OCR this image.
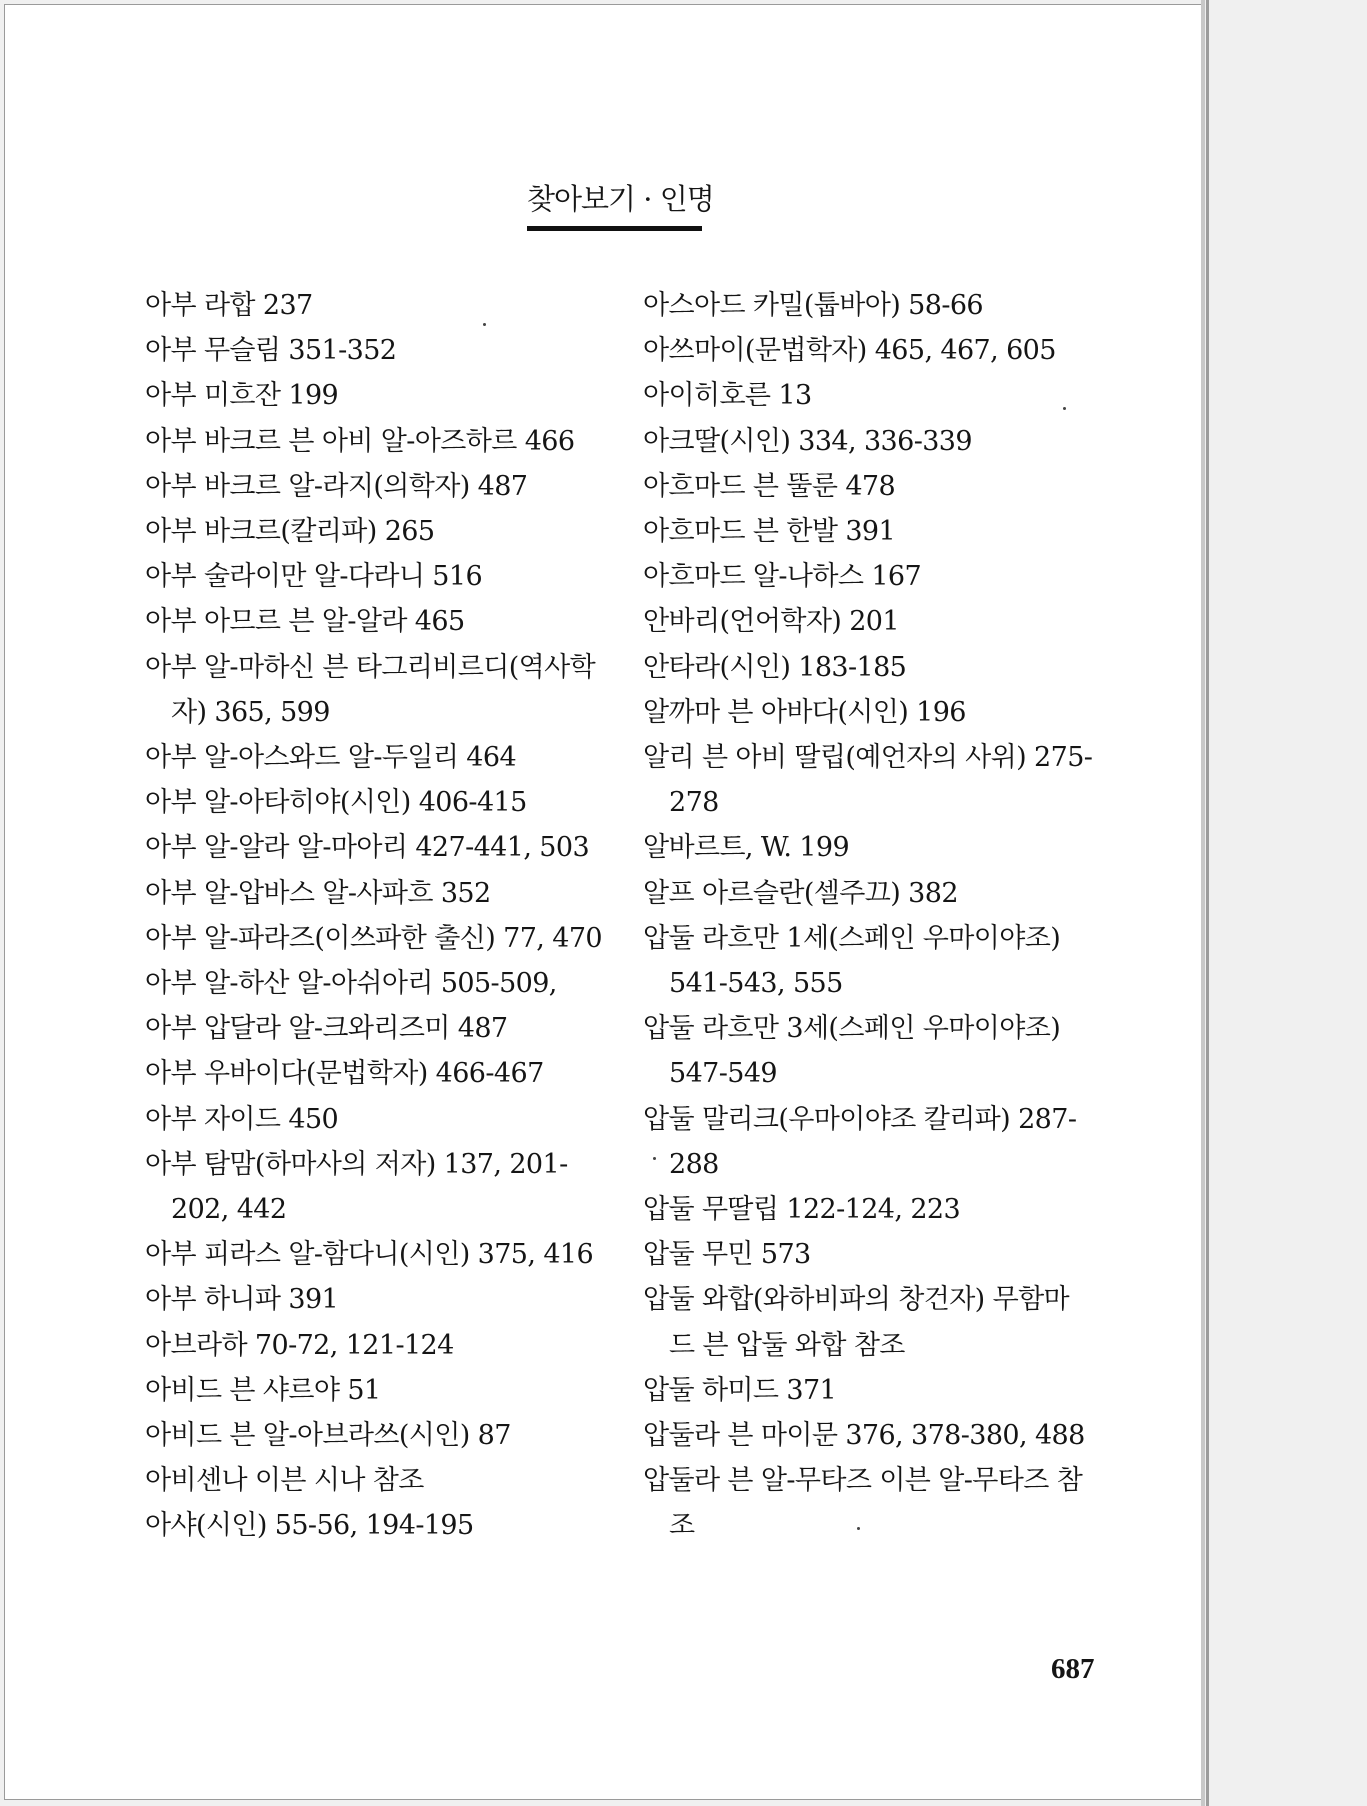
찾아보기 · 인명
아부 라합 237
아부 무슬림 351-352
아부 미흐잔 199
아부 바크르 븐 아비 알-아즈하르 466
아부 바크르 알-라지(의학자) 487
아부 바크르(칼리파) 265
아부 술라이만 알-다라니 516
아부 아므르 븐 알-알라 465
아부 알-마하신 븐 타그리비르디(역사학자) 365, 599
아부 알-아스와드 알-두일리 464
아부 알-아타히야(시인) 406-415
아부 알-알라 알-마아리 427-441, 503
아부 알-압바스 알-사파흐 352
아부 알-파라즈(이쓰파한 출신) 77, 470
아부 알-하산 알-아쉬아리 505-509,
아부 압달라 알-크와리즈미 487
아부 우바이다(문법학자) 466-467
아부 자이드 450
아부 탐맘(하마사의 저자) 137, 201-202, 442
아부 피라스 알-함다니(시인) 375, 416
아부 하니파 391
아브라하 70-72, 121-124
아비드 븐 샤르야 51
아비드 븐 알-아브라쓰(시인) 87
아비센나 이븐 시나 참조
아샤(시인) 55-56, 194-195
아스아드 카밀(툽바아) 58-66
아쓰마이(문법학자) 465, 467, 605
아이히호른 13
아크딸(시인) 334, 336-339
아흐마드 븐 뚤룬 478
아흐마드 븐 한발 391
아흐마드 알-나하스 167
안바리(언어학자) 201
안타라(시인) 183-185
알까마 븐 아바다(시인) 196
알리 븐 아비 딸립(예언자의 사위) 275-278
알바르트, W. 199
알프 아르슬란(셀주끄) 382
압둘 라흐만 1세(스페인 우마이야조) 541-543, 555
압둘 라흐만 3세(스페인 우마이야조) 547-549
압둘 말리크(우마이야조 칼리파) 287-288
압둘 무딸립 122-124, 223
압둘 무민 573
압둘 와합(와하비파의 창건자) 무함마드 븐 압둘 와합 참조
압둘 하미드 371
압둘라 븐 마이문 376, 378-380, 488
압둘라 븐 알-무타즈 이븐 알-무타즈 참조
687
